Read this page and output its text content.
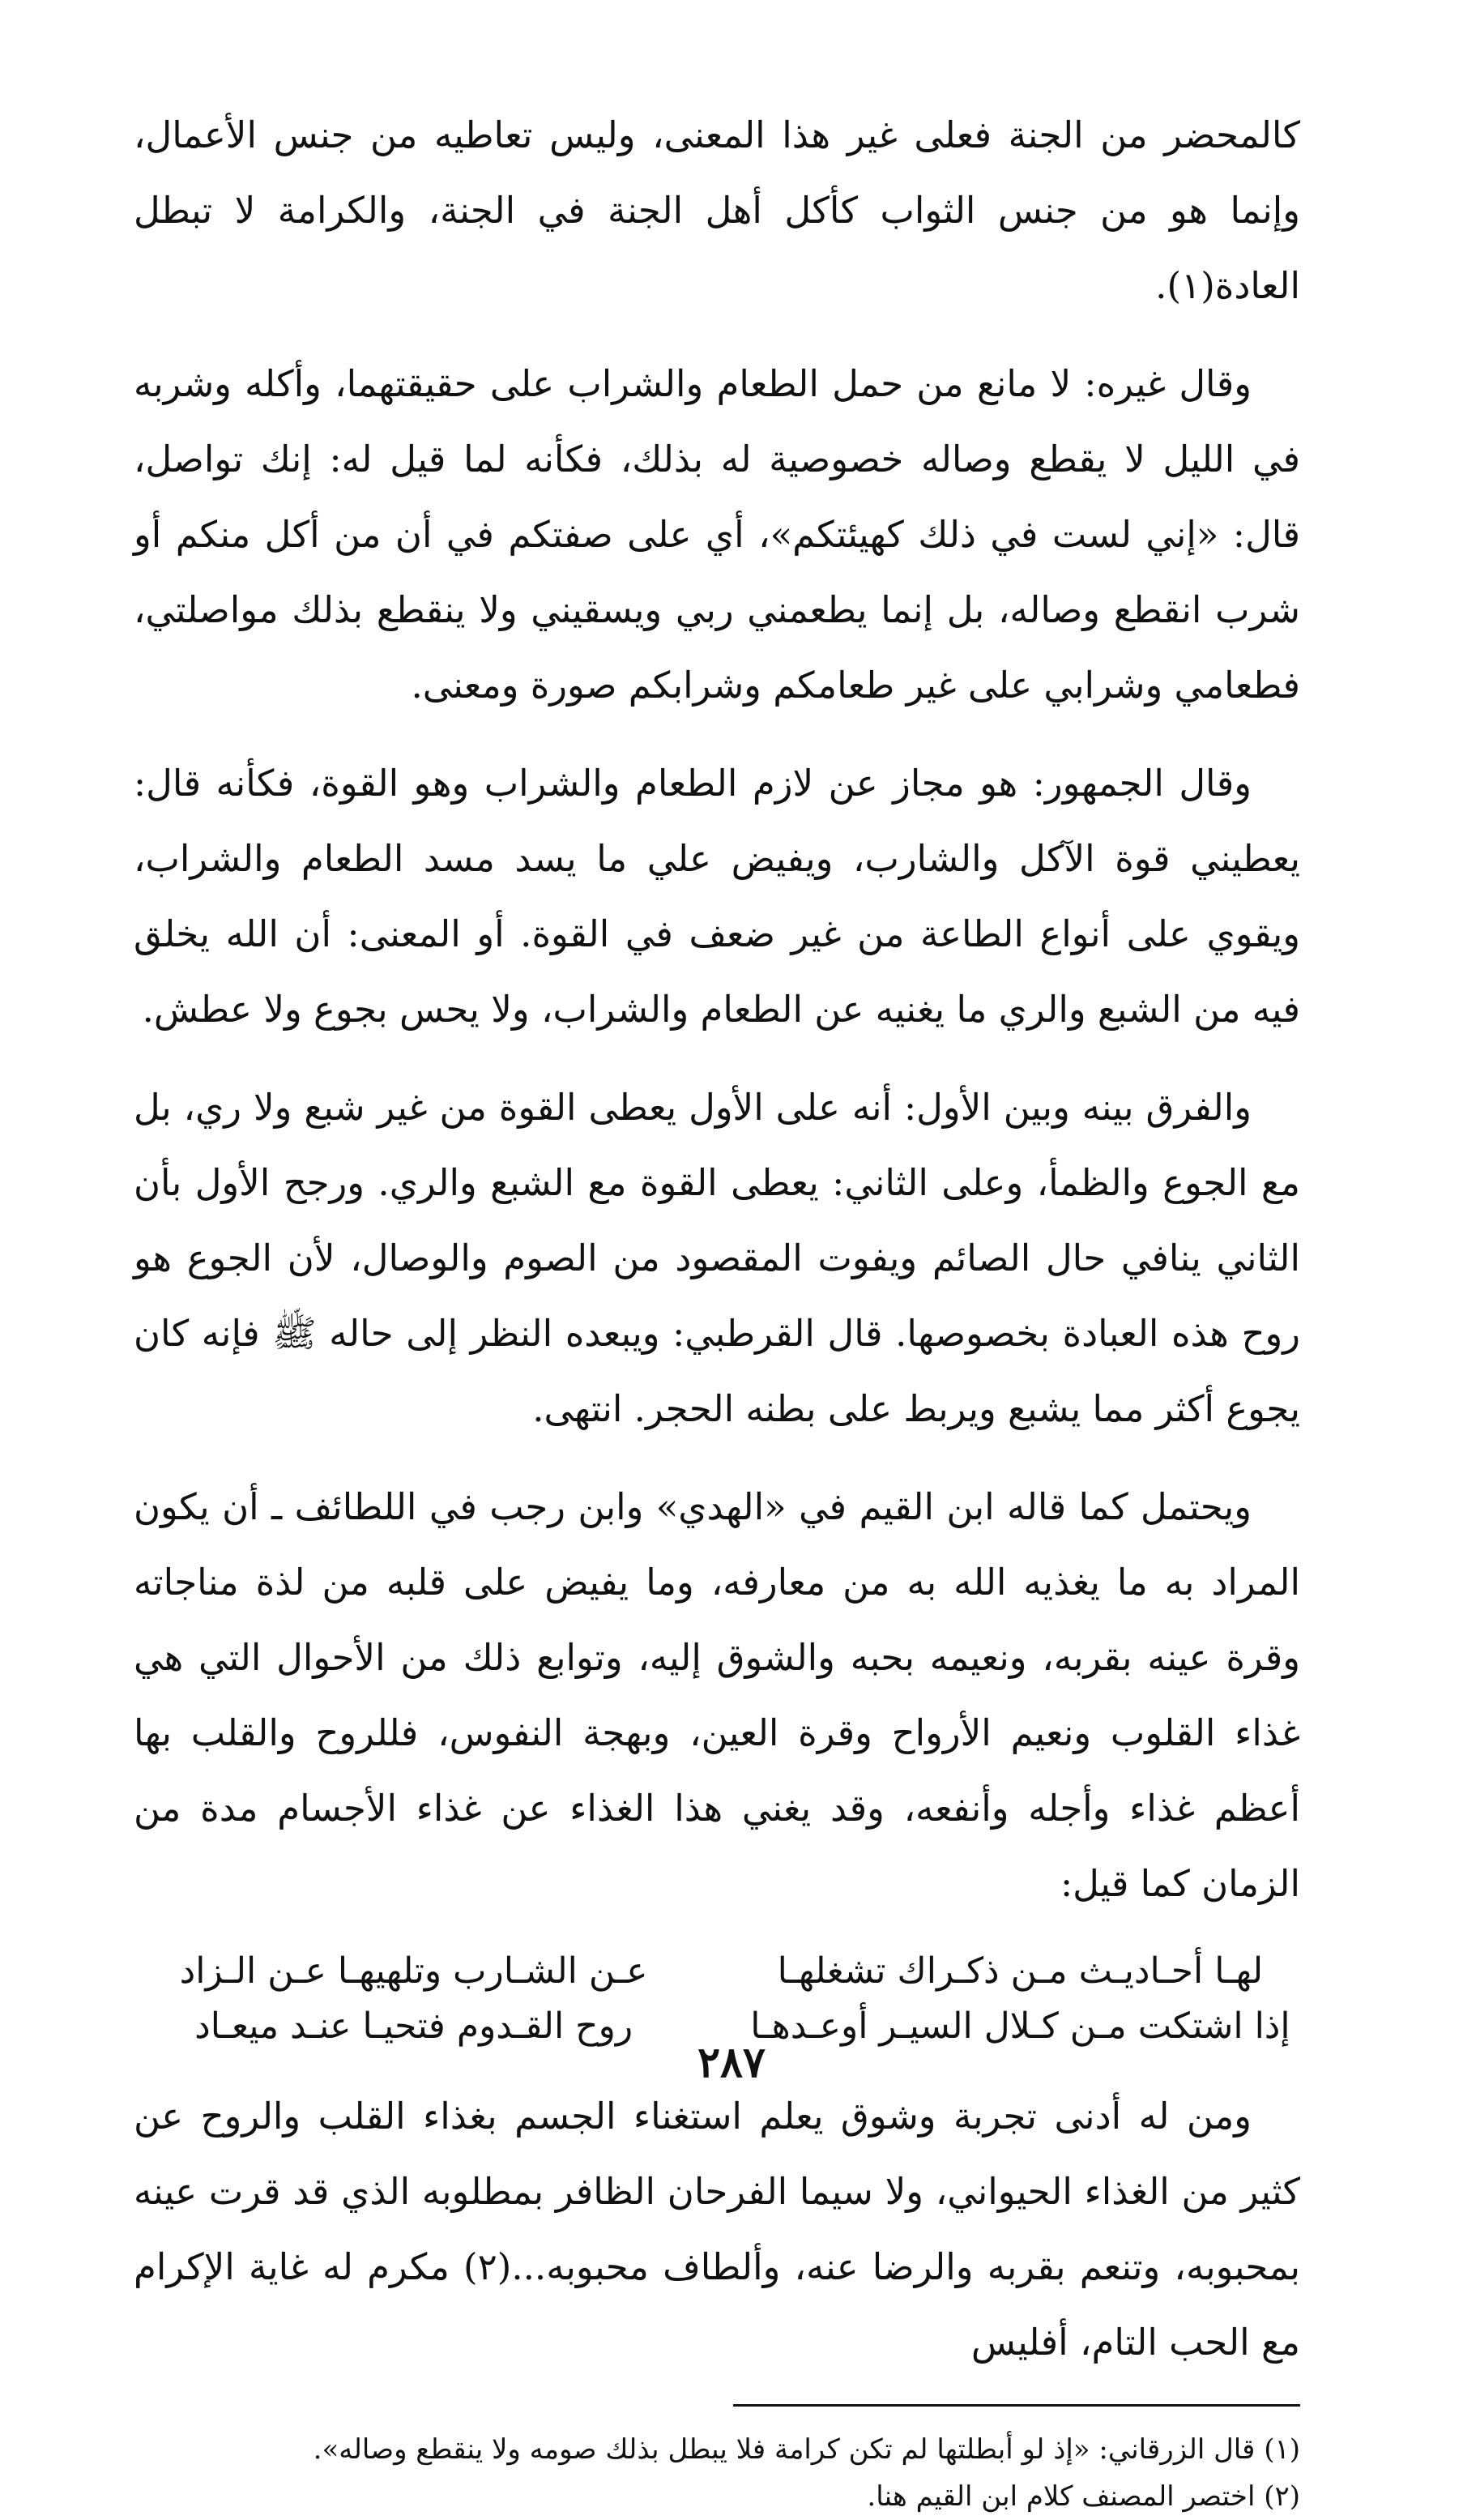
كالمحضر من الجنة فعلى غير هذا المعنى، وليس تعاطيه من جنس الأعمال، وإنما هو من جنس الثواب كأكل أهل الجنة في الجنة، والكرامة لا تبطل العادة(١).

وقال غيره: لا مانع من حمل الطعام والشراب على حقيقتهما، وأكله وشربه في الليل لا يقطع وصاله خصوصية له بذلك، فكأنه لما قيل له: إنك تواصل، قال: «إني لست في ذلك كهيئتكم»، أي على صفتكم في أن من أكل منكم أو شرب انقطع وصاله، بل إنما يطعمني ربي ويسقيني ولا ينقطع بذلك مواصلتي، فطعامي وشرابي على غير طعامكم وشرابكم صورة ومعنى.

وقال الجمهور: هو مجاز عن لازم الطعام والشراب وهو القوة، فكأنه قال: يعطيني قوة الآكل والشارب، ويفيض علي ما يسد مسد الطعام والشراب، ويقوي على أنواع الطاعة من غير ضعف في القوة. أو المعنى: أن الله يخلق فيه من الشبع والري ما يغنيه عن الطعام والشراب، ولا يحس بجوع ولا عطش.

والفرق بينه وبين الأول: أنه على الأول يعطى القوة من غير شبع ولا ري، بل مع الجوع والظمأ، وعلى الثاني: يعطى القوة مع الشبع والري. ورجح الأول بأن الثاني ينافي حال الصائم ويفوت المقصود من الصوم والوصال، لأن الجوع هو روح هذه العبادة بخصوصها. قال القرطبي: ويبعده النظر إلى حاله ﷺ فإنه كان يجوع أكثر مما يشبع ويربط على بطنه الحجر. انتهى.

ويحتمل كما قاله ابن القيم في «الهدي» وابن رجب في اللطائف ـ أن يكون المراد به ما يغذيه الله به من معارفه، وما يفيض على قلبه من لذة مناجاته وقرة عينه بقربه، ونعيمه بحبه والشوق إليه، وتوابع ذلك من الأحوال التي هي غذاء القلوب ونعيم الأرواح وقرة العين، وبهجة النفوس، فللروح والقلب بها أعظم غذاء وأجله وأنفعه، وقد يغني هذا الغذاء عن غذاء الأجسام مدة من الزمان كما قيل:

لهـا أحـاديـث مـن ذكـراك تشغلهـا
عـن الشـارب وتلهيهـا عـن الـزاد
إذا اشتكت مـن كـلال السيـر أوعـدهـا
روح القـدوم فتحيـا عنـد ميعـاد

ومن له أدنى تجربة وشوق يعلم استغناء الجسم بغذاء القلب والروح عن كثير من الغذاء الحيواني، ولا سيما الفرحان الظافر بمطلوبه الذي قد قرت عينه بمحبوبه، وتنعم بقربه والرضا عنه، وألطاف محبوبه...(٢) مكرم له غاية الإكرام مع الحب التام، أفليس

(١) قال الزرقاني: «إذ لو أبطلتها لم تكن كرامة فلا يبطل بذلك صومه ولا ينقطع وصاله».

(٢) اختصر المصنف كلام ابن القيم هنا.

٢٨٧
